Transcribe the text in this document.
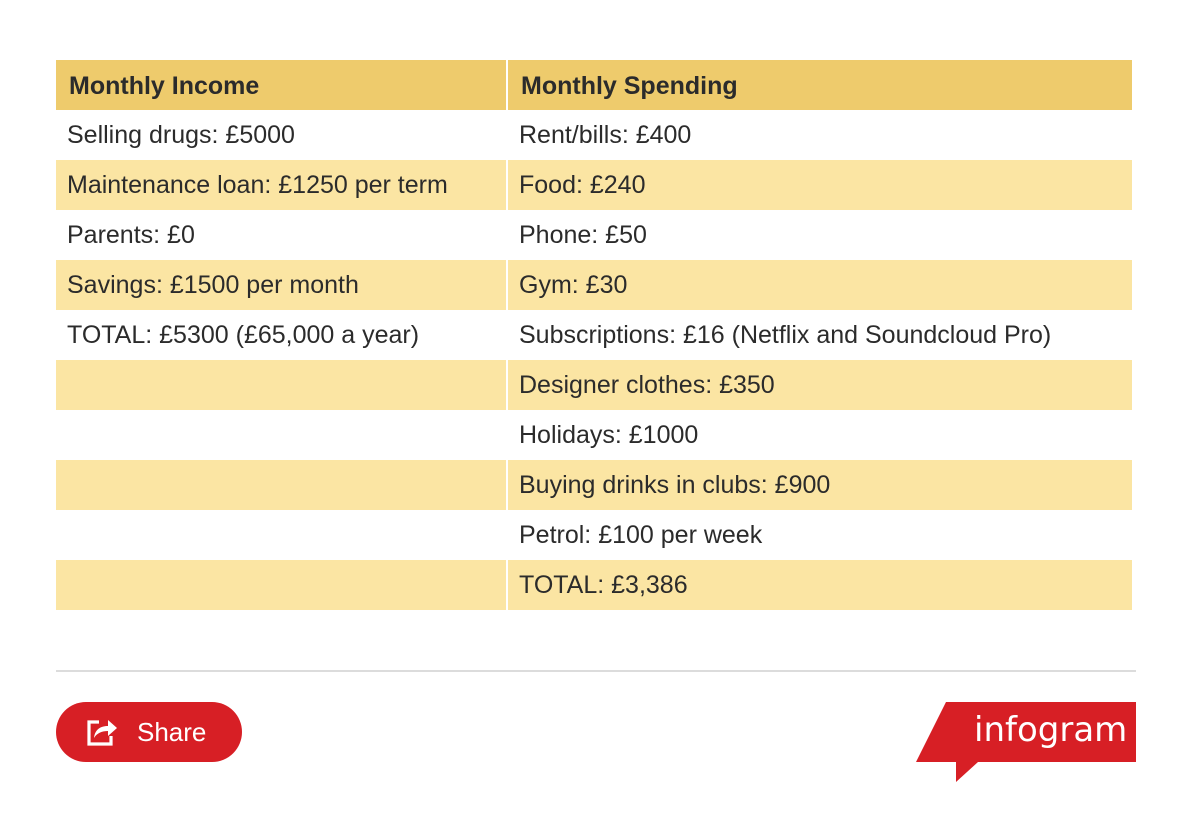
Monthly Income	Monthly Spending
Selling drugs: £5000	Rent/bills: £400
Maintenance loan: £1250 per term	Food: £240
Parents: £0	Phone: £50
Savings: £1500 per month	Gym: £30
TOTAL: £5300 (£65,000 a year)	Subscriptions: £16 (Netflix and Soundcloud Pro)
	Designer clothes: £350
	Holidays: £1000
	Buying drinks in clubs: £900
	Petrol: £100 per week
	TOTAL: £3,386
Share	infogram
